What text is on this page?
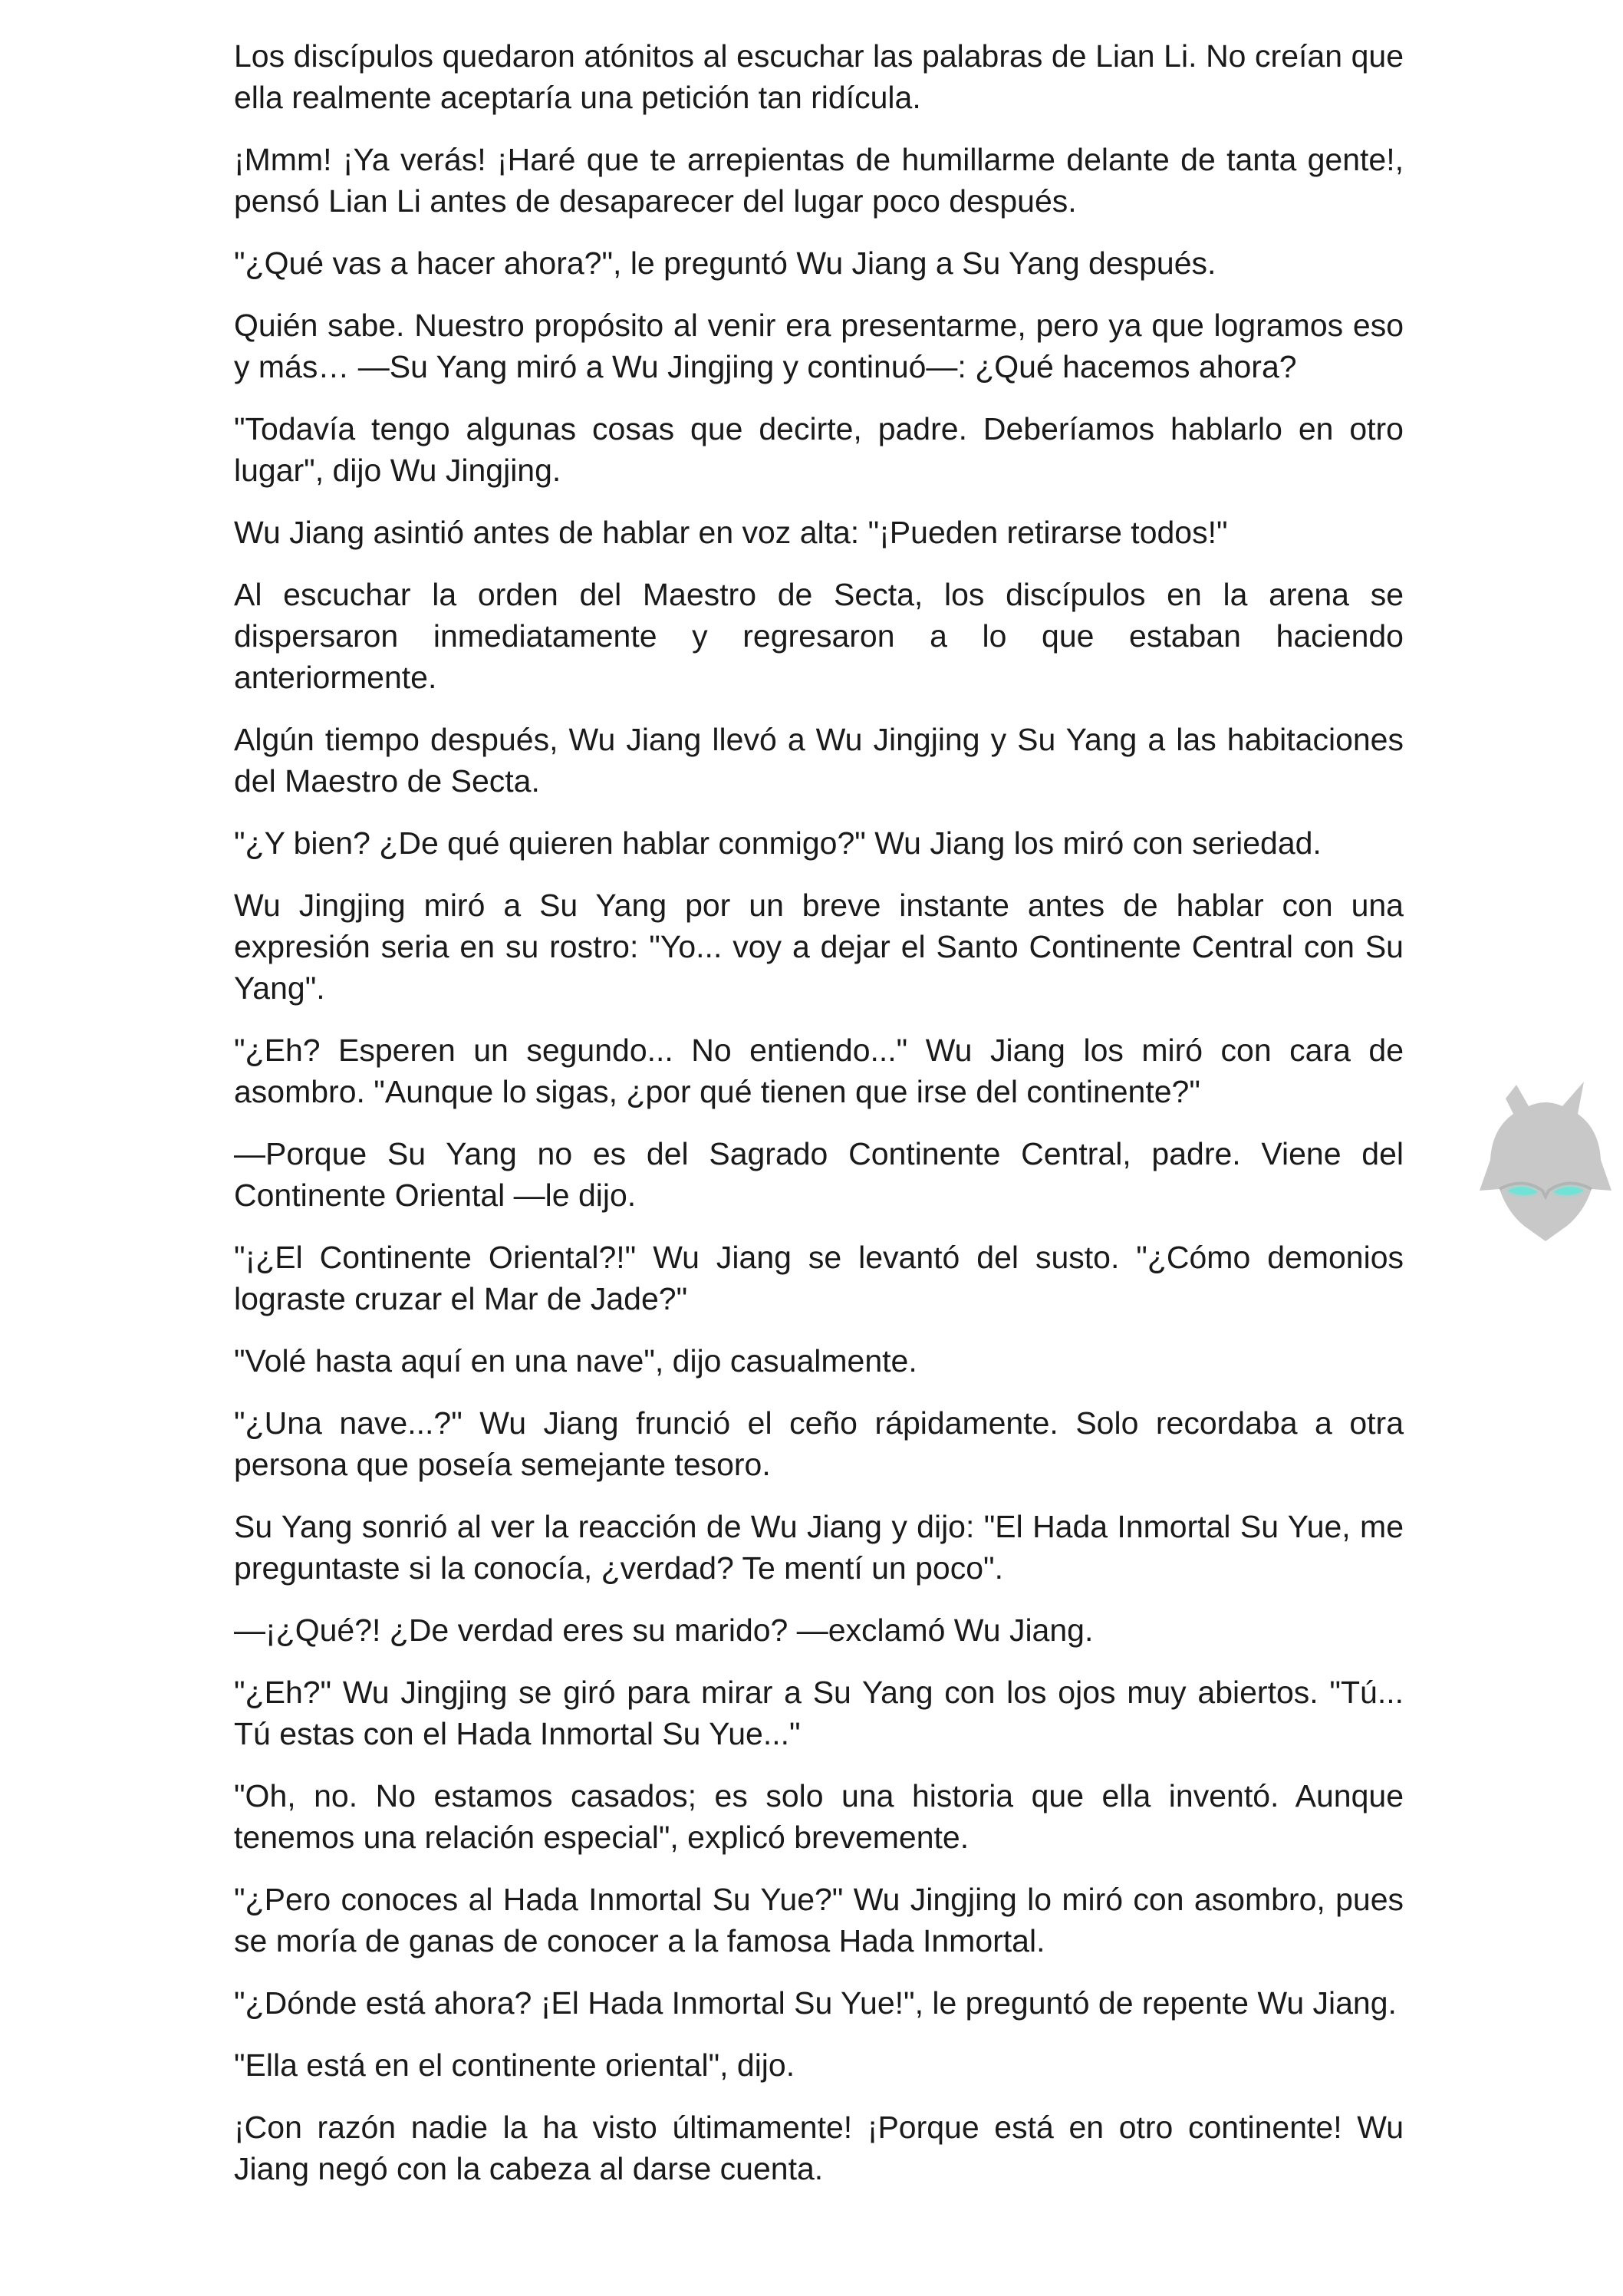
Los discípulos quedaron atónitos al escuchar las palabras de Lian Li. No creían que ella realmente aceptaría una petición tan ridícula.

¡Mmm! ¡Ya verás! ¡Haré que te arrepientas de humillarme delante de tanta gente!, pensó Lian Li antes de desaparecer del lugar poco después.

"¿Qué vas a hacer ahora?", le preguntó Wu Jiang a Su Yang después.

Quién sabe. Nuestro propósito al venir era presentarme, pero ya que logramos eso y más… —Su Yang miró a Wu Jingjing y continuó—: ¿Qué hacemos ahora?

"Todavía tengo algunas cosas que decirte, padre. Deberíamos hablarlo en otro lugar", dijo Wu Jingjing.

Wu Jiang asintió antes de hablar en voz alta: "¡Pueden retirarse todos!"

Al escuchar la orden del Maestro de Secta, los discípulos en la arena se dispersaron inmediatamente y regresaron a lo que estaban haciendo anteriormente.

Algún tiempo después, Wu Jiang llevó a Wu Jingjing y Su Yang a las habitaciones del Maestro de Secta.

"¿Y bien? ¿De qué quieren hablar conmigo?" Wu Jiang los miró con seriedad.

Wu Jingjing miró a Su Yang por un breve instante antes de hablar con una expresión seria en su rostro: "Yo... voy a dejar el Santo Continente Central con Su Yang".

"¿Eh? Esperen un segundo... No entiendo..." Wu Jiang los miró con cara de asombro. "Aunque lo sigas, ¿por qué tienen que irse del continente?"

—Porque Su Yang no es del Sagrado Continente Central, padre. Viene del Continente Oriental —le dijo.

"¡¿El Continente Oriental?!" Wu Jiang se levantó del susto. "¿Cómo demonios lograste cruzar el Mar de Jade?"

"Volé hasta aquí en una nave", dijo casualmente.

"¿Una nave...?" Wu Jiang frunció el ceño rápidamente. Solo recordaba a otra persona que poseía semejante tesoro.

Su Yang sonrió al ver la reacción de Wu Jiang y dijo: "El Hada Inmortal Su Yue, me preguntaste si la conocía, ¿verdad? Te mentí un poco".

—¡¿Qué?! ¿De verdad eres su marido? —exclamó Wu Jiang.

"¿Eh?" Wu Jingjing se giró para mirar a Su Yang con los ojos muy abiertos. "Tú... Tú estas con el Hada Inmortal Su Yue..."

"Oh, no. No estamos casados; es solo una historia que ella inventó. Aunque tenemos una relación especial", explicó brevemente.

"¿Pero conoces al Hada Inmortal Su Yue?" Wu Jingjing lo miró con asombro, pues se moría de ganas de conocer a la famosa Hada Inmortal.

"¿Dónde está ahora? ¡El Hada Inmortal Su Yue!", le preguntó de repente Wu Jiang.

"Ella está en el continente oriental", dijo.

¡Con razón nadie la ha visto últimamente! ¡Porque está en otro continente! Wu Jiang negó con la cabeza al darse cuenta.
